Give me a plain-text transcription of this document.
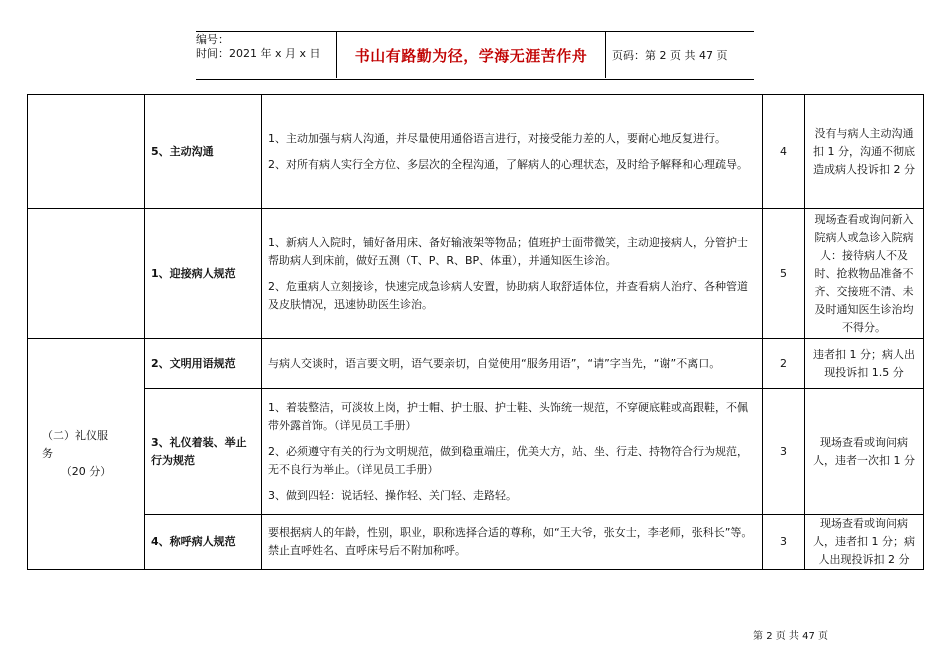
编号：
时间：2021 年 x 月 x 日	书山有路勤为径，学海无涯苦作舟	页码：第 2 页 共 47 页
	5、主动沟通	1、主动加强与病人沟通，并尽量使用通俗语言进行，对接受能力差的人，要耐心地反复进行。

2、对所有病人实行全方位、多层次的全程沟通，了解病人的心理状态，及时给予解释和心理疏导。	4	没有与病人主动沟通扣 1 分，沟通不彻底造成病人投诉扣 2 分
	1、迎接病人规范	1、新病人入院时，铺好备用床、备好输液架等物品；值班护士面带微笑，主动迎接病人，分管护士帮助病人到床前，做好五测（T、P、R、BP、体重），并通知医生诊治。

2、危重病人立刻接诊，快速完成急诊病人安置，协助病人取舒适体位，并查看病人治疗、各种管道及皮肤情况，迅速协助医生诊治。	5	现场查看或询问新入院病人或急诊入院病人：接待病人不及时、抢救物品准备不齐、交接班不清、未及时通知医生诊治均不得分。

（二）礼仪服
务
（20 分）	2、文明用语规范	与病人交谈时，语言要文明，语气要亲切，自觉使用“服务用语”，“请”字当先，“谢”不离口。	2	违者扣 1 分；病人出现投诉扣 1.5 分
	3、礼仪着装、举止行为规范	1、着装整洁，可淡妆上岗，护士帽、护士服、护士鞋、头饰统一规范，不穿硬底鞋或高跟鞋，不佩带外露首饰。（详见员工手册）

2、必须遵守有关的行为文明规范，做到稳重端庄，优美大方，站、坐、行走、持物符合行为规范，无不良行为举止。（详见员工手册）

3、做到四轻：说话轻、操作轻、关门轻、走路轻。	3	现场查看或询问病人，违者一次扣 1 分
	4、称呼病人规范	要根据病人的年龄，性别，职业，职称选择合适的尊称，如“王大爷，张女士，李老师，张科长”等。禁止直呼姓名、直呼床号后不附加称呼。	3	现场查看或询问病人，违者扣 1 分；病人出现投诉扣 2 分
第 2 页 共 47 页
